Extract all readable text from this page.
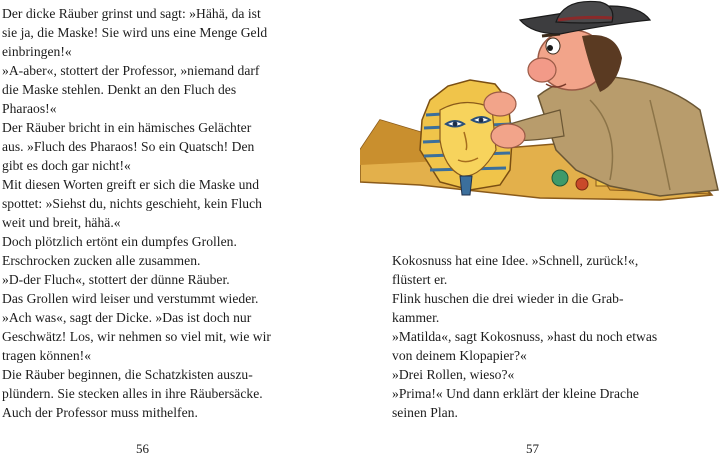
Der dicke Räuber grinst und sagt: »Hähä, da ist
sie ja, die Maske! Sie wird uns eine Menge Geld
einbringen!«
»A-aber«, stottert der Professor, »niemand darf
die Maske stehlen. Denkt an den Fluch des
Pharaos!«
Der Räuber bricht in ein hämisches Gelächter
aus. »Fluch des Pharaos! So ein Quatsch! Den
gibt es doch gar nicht!«
Mit diesen Worten greift er sich die Maske und
spottet: »Siehst du, nichts geschieht, kein Fluch
weit und breit, hähä.«
Doch plötzlich ertönt ein dumpfes Grollen.
Erschrocken zucken alle zusammen.
»D-der Fluch«, stottert der dünne Räuber.
Das Grollen wird leiser und verstummt wieder.
»Ach was«, sagt der Dicke. »Das ist doch nur
Geschwätz! Los, wir nehmen so viel mit, wie wir
tragen können!«
Die Räuber beginnen, die Schatzkisten auszu-
plündern. Sie stecken alles in ihre Räubersäcke.
Auch der Professor muss mithelfen.
56
Kokosnuss hat eine Idee. »Schnell, zurück!«,
flüstert er.
Flink huschen die drei wieder in die Grab-
kammer.
»Matilda«, sagt Kokosnuss, »hast du noch etwas
von deinem Klopapier?«
»Drei Rollen, wieso?«
»Prima!« Und dann erklärt der kleine Drache
seinen Plan.
57
